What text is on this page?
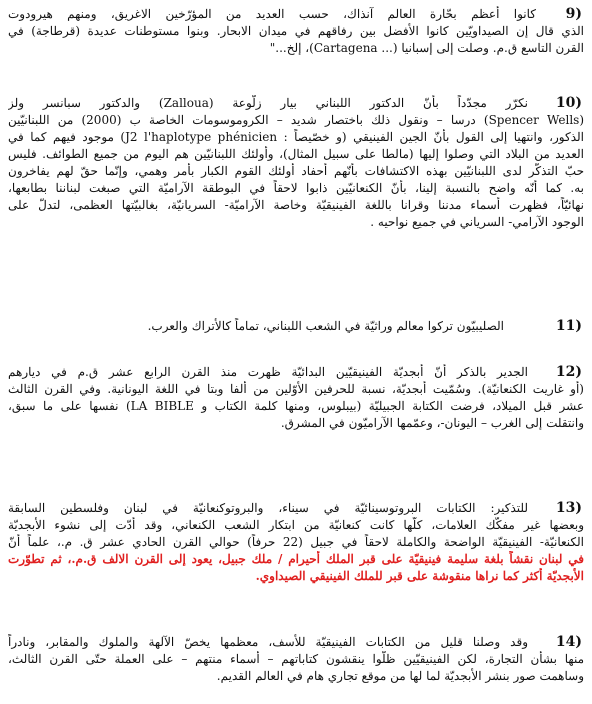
9)
كانوا أعظم بحّارة العالم آنذاك، حسب العديد من المؤرّخين الاغريق، ومنهم هيرودوت
الذي قال إن الصيداويّين كانوا الأفضل بين رفاقهم في ميدان الابحار. وبنوا مستوطنات عديدة (قرطاجة) في
القرن التاسع ق.م. وصلت إلى إسبانيا (... Cartagena)، إلخ..."
10)
نكرّر مجدّداً بأنّ الدكتور اللبناني بيار زلّوعة (Zalloua) والدكتور سبانسر ولز
(Spencer Wells) درسا – ونقول ذلك باختصار شديد – الكروموسومات الخاصة ب (2000) من اللبنانيّين
الذكور، وانتهيا إلى القول بأنّ الجين الفينيقي (و خصّيصاً : J2 l'haplotype phénicien) موجود فيهم كما في
العديد من البلاد التي وصلوا إليها (مالطا على سبيل المثال)، وأولئك اللبنانيّين هم اليوم من جميع الطوائف. فليس
حبّ التذكّر لدى اللبنانيّين بهذه الاكتشافات بأنّهم أحفاد أولئك القوم الكبار بأمر وهمي، وإنّما حقّ لهم يفاخرون
به. كما أنّه واضح بالنسبة إلينا، بأنّ الكنعانيّين ذابوا لاحقاً في البوطقة الآراميّة التي صبغت لبناننا بطابعها،
نهائيّاً، فظهرت أسماء مدننا وقرانا باللغة الفينيقيّة وخاصة الآراميّة- السريانيّة، بغالبيّتها العظمى، لتدلّ على
الوجود الآرامي- السرياني في جميع نواحيه .
11)
الصليبيّون تركوا معالم وراثيّة في الشعب اللبناني، تماماً كالأتراك والعرب.
12)
الجدير بالذكر أنّ أبجديّة الفينيقيّين البدائيّة ظهرت منذ القرن الرابع عشر ق.م في ديارهم
(أو غاريت الكنعانيّة). وسُمّيت أبجديّة، نسبة للحرفين الأوّلين من ألفا وبتا في اللغة اليونانية. وفي القرن الثالث
عشر قبل الميلاد، فرضت الكتابة الجبيليّة (بيبلوس، ومنها كلمة الكتاب و LA BIBLE) نفسها على ما سبق،
وانتقلت إلى الغرب – اليونان-، وعمّمها الآراميّون في المشرق.
13)
للتذكير: الكتابات البروتوسينائيّة في سيناء، والبروتوكنعانيّة في لبنان وفلسطين السابقة
وبعضها غير مفكّك العلامات، كلّها كانت كنعانيّة من ابتكار الشعب الكنعاني، وقد أدّت إلى نشوء الأبجديّة
الكنعانيّة- الفينيقيّة الواضحة والكاملة لاحقاً في جبيل (22 حرفاً) حوالي القرن الحادي عشر ق. م.، علماً أنّ
في لبنان نقشاً بلغة سليمة فينيقيّة على قبر الملك أحيرام / ملك جبيل، يعود إلى القرن الالف ق.م.، ثم تطوّرت
الأبجديّة أكثر كما نراها منقوشة على قبر للملك الفينيقي الصيداوي.
14)
وقد وصلنا قليل من الكتابات الفينيقيّة للأسف، معظمها يخصّ الآلهة والملوك والمقابر، ونادراً
منها بشأن التجارة، لكن الفينيقيّين ظلّوا ينقشون كتاباتهم – أسماء منتهم – على العملة حتّى القرن الثالث،
وساهمت صور بنشر الأبجديّة لما لها من موقع تجاري هام في العالم القديم.
